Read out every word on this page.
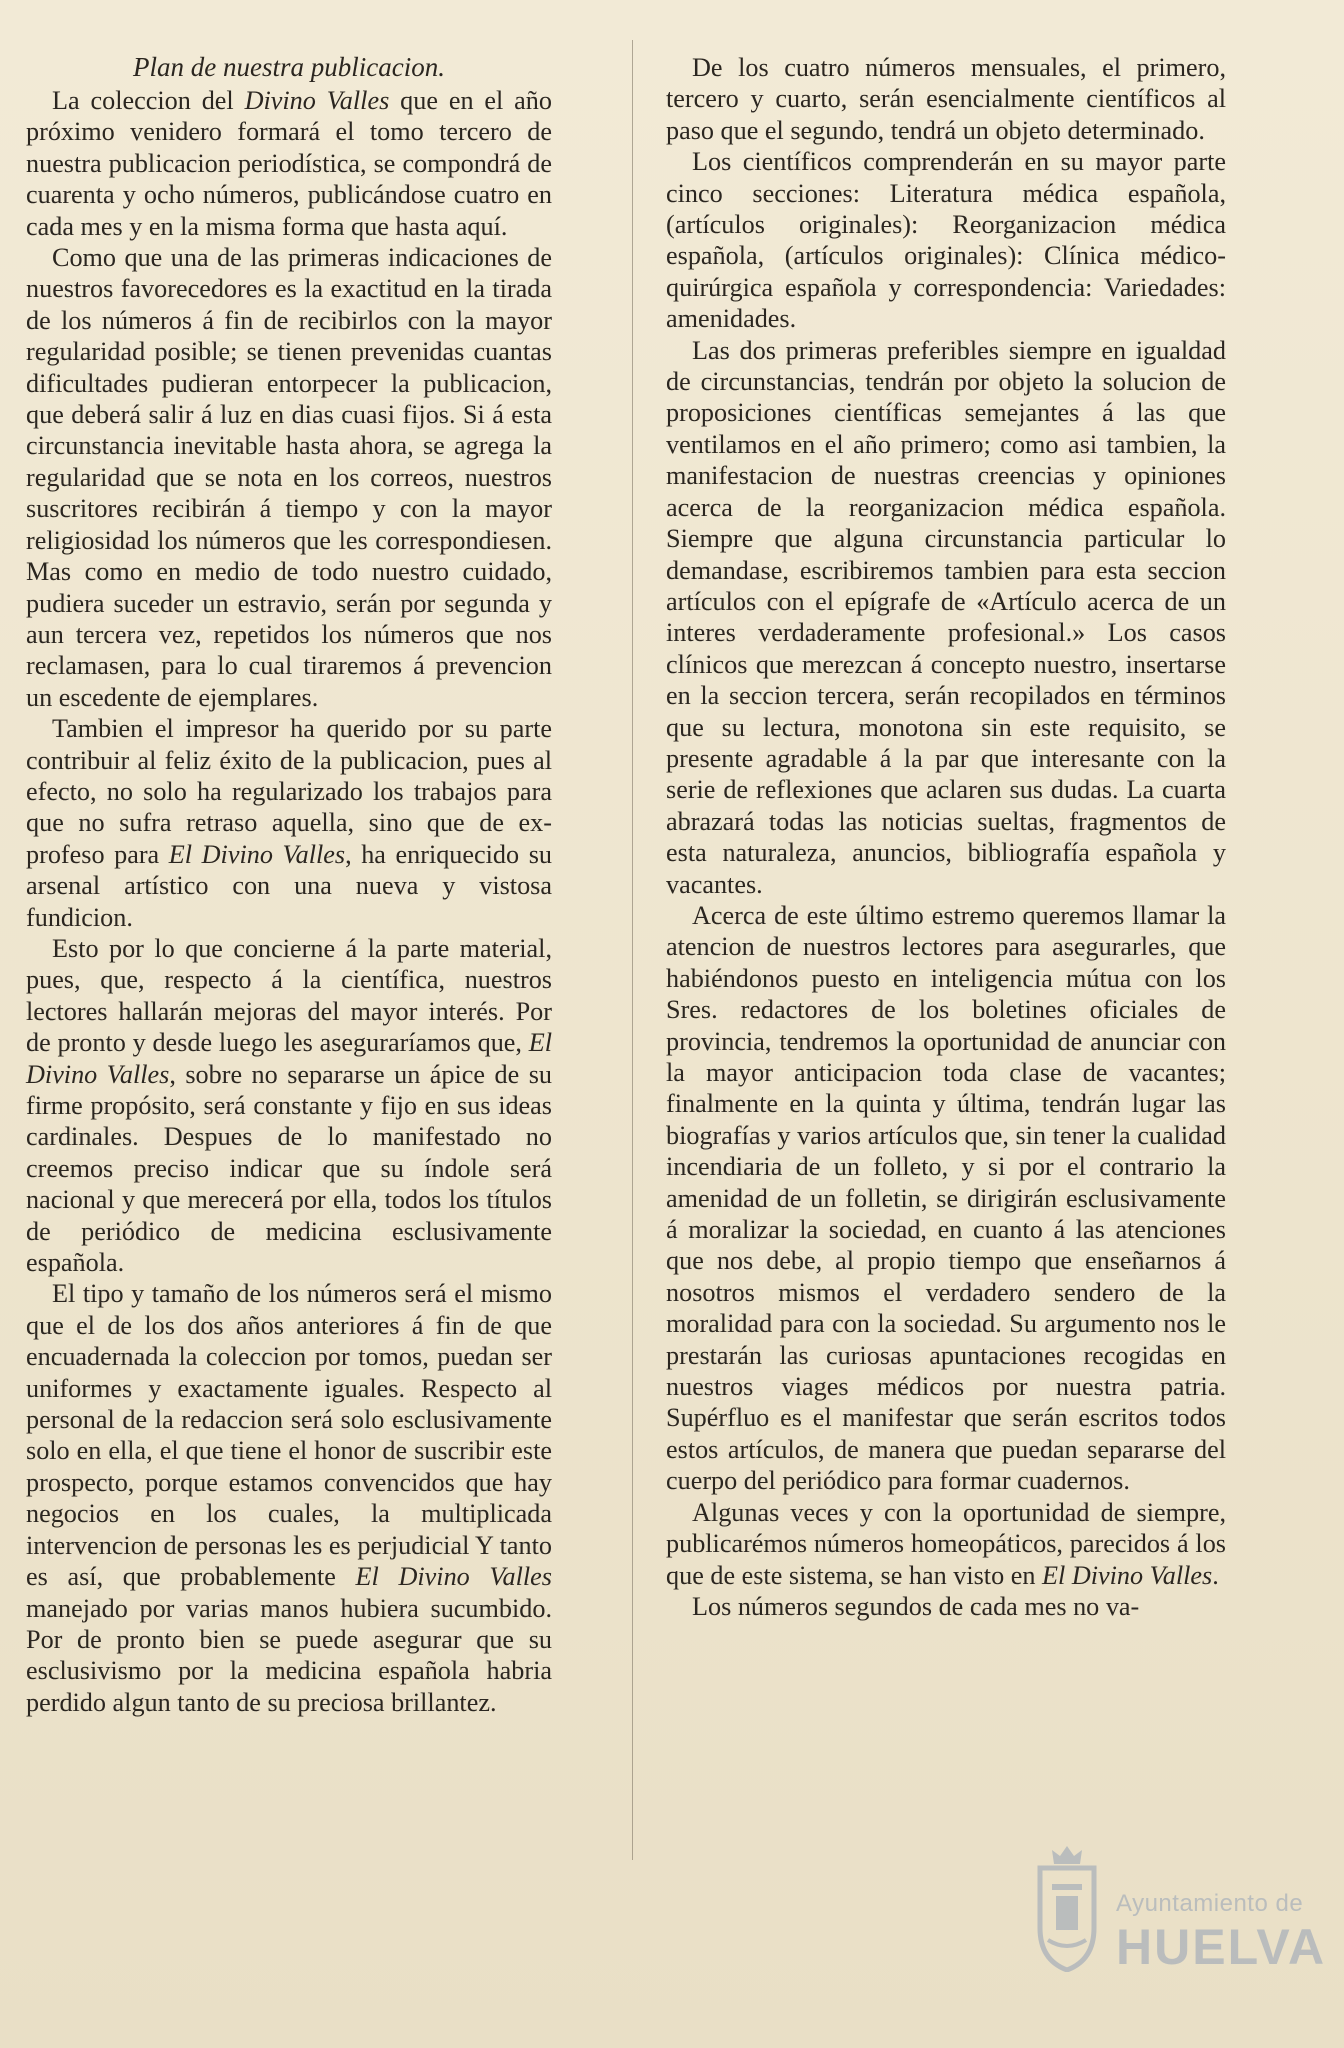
Plan de nuestra publicacion.

La coleccion del Divino Valles que en el año próximo venidero formará el tomo tercero de nuestra publicacion periodística, se compondrá de cuarenta y ocho números, publicándose cuatro en cada mes y en la misma forma que hasta aquí.

Como que una de las primeras indicaciones de nuestros favorecedores es la exactitud en la tirada de los números á fin de recibirlos con la mayor regularidad posible; se tienen prevenidas cuantas dificultades pudieran entorpecer la publicacion, que deberá salir á luz en dias cuasi fijos. Si á esta circunstancia inevitable hasta ahora, se agrega la regularidad que se nota en los correos, nuestros suscritores recibirán á tiempo y con la mayor religiosidad los números que les correspondiesen. Mas como en medio de todo nuestro cuidado, pudiera suceder un estravio, serán por segunda y aun tercera vez, repetidos los números que nos reclamasen, para lo cual tiraremos á prevencion un escedente de ejemplares.

Tambien el impresor ha querido por su parte contribuir al feliz éxito de la publicacion, pues al efecto, no solo ha regularizado los trabajos para que no sufra retraso aquella, sino que de ex-profeso para El Divino Valles, ha enriquecido su arsenal artístico con una nueva y vistosa fundicion.

Esto por lo que concierne á la parte material, pues, que, respecto á la científica, nuestros lectores hallarán mejoras del mayor interés. Por de pronto y desde luego les aseguraríamos que, El Divino Valles, sobre no separarse un ápice de su firme propósito, será constante y fijo en sus ideas cardinales. Despues de lo manifestado no creemos preciso indicar que su índole será nacional y que merecerá por ella, todos los títulos de periódico de medicina esclusivamente española.

El tipo y tamaño de los números será el mismo que el de los dos años anteriores á fin de que encuadernada la coleccion por tomos, puedan ser uniformes y exactamente iguales. Respecto al personal de la redaccion será solo esclusivamente solo en ella, el que tiene el honor de suscribir este prospecto, porque estamos convencidos que hay negocios en los cuales, la multiplicada intervencion de personas les es perjudicial Y tanto es así, que probablemente El Divino Valles manejado por varias manos hubiera sucumbido. Por de pronto bien se puede asegurar que su esclusivismo por la medicina española habria perdido algun tanto de su preciosa brillantez.

De los cuatro números mensuales, el primero, tercero y cuarto, serán esencialmente científicos al paso que el segundo, tendrá un objeto determinado.

Los científicos comprenderán en su mayor parte cinco secciones: Literatura médica española, (artículos originales): Reorganizacion médica española, (artículos originales): Clínica médico-quirúrgica española y correspondencia: Variedades: amenidades.

Las dos primeras preferibles siempre en igualdad de circunstancias, tendrán por objeto la solucion de proposiciones científicas semejantes á las que ventilamos en el año primero; como asi tambien, la manifestacion de nuestras creencias y opiniones acerca de la reorganizacion médica española. Siempre que alguna circunstancia particular lo demandase, escribiremos tambien para esta seccion artículos con el epígrafe de «Artículo acerca de un interes verdaderamente profesional.» Los casos clínicos que merezcan á concepto nuestro, insertarse en la seccion tercera, serán recopilados en términos que su lectura, monotona sin este requisito, se presente agradable á la par que interesante con la serie de reflexiones que aclaren sus dudas. La cuarta abrazará todas las noticias sueltas, fragmentos de esta naturaleza, anuncios, bibliografía española y vacantes.

Acerca de este último estremo queremos llamar la atencion de nuestros lectores para asegurarles, que habiéndonos puesto en inteligencia mútua con los Sres. redactores de los boletines oficiales de provincia, tendremos la oportunidad de anunciar con la mayor anticipacion toda clase de vacantes; finalmente en la quinta y última, tendrán lugar las biografías y varios artículos que, sin tener la cualidad incendiaria de un folleto, y si por el contrario la amenidad de un folletin, se dirigirán esclusivamente á moralizar la sociedad, en cuanto á las atenciones que nos debe, al propio tiempo que enseñarnos á nosotros mismos el verdadero sendero de la moralidad para con la sociedad. Su argumento nos le prestarán las curiosas apuntaciones recogidas en nuestros viages médicos por nuestra patria. Supérfluo es el manifestar que serán escritos todos estos artículos, de manera que puedan separarse del cuerpo del periódico para formar cuadernos.

Algunas veces y con la oportunidad de siempre, publicarémos números homeopáticos, parecidos á los que de este sistema, se han visto en El Divino Valles.

Los números segundos de cada mes no va-

Ayuntamiento de
HUELVA
